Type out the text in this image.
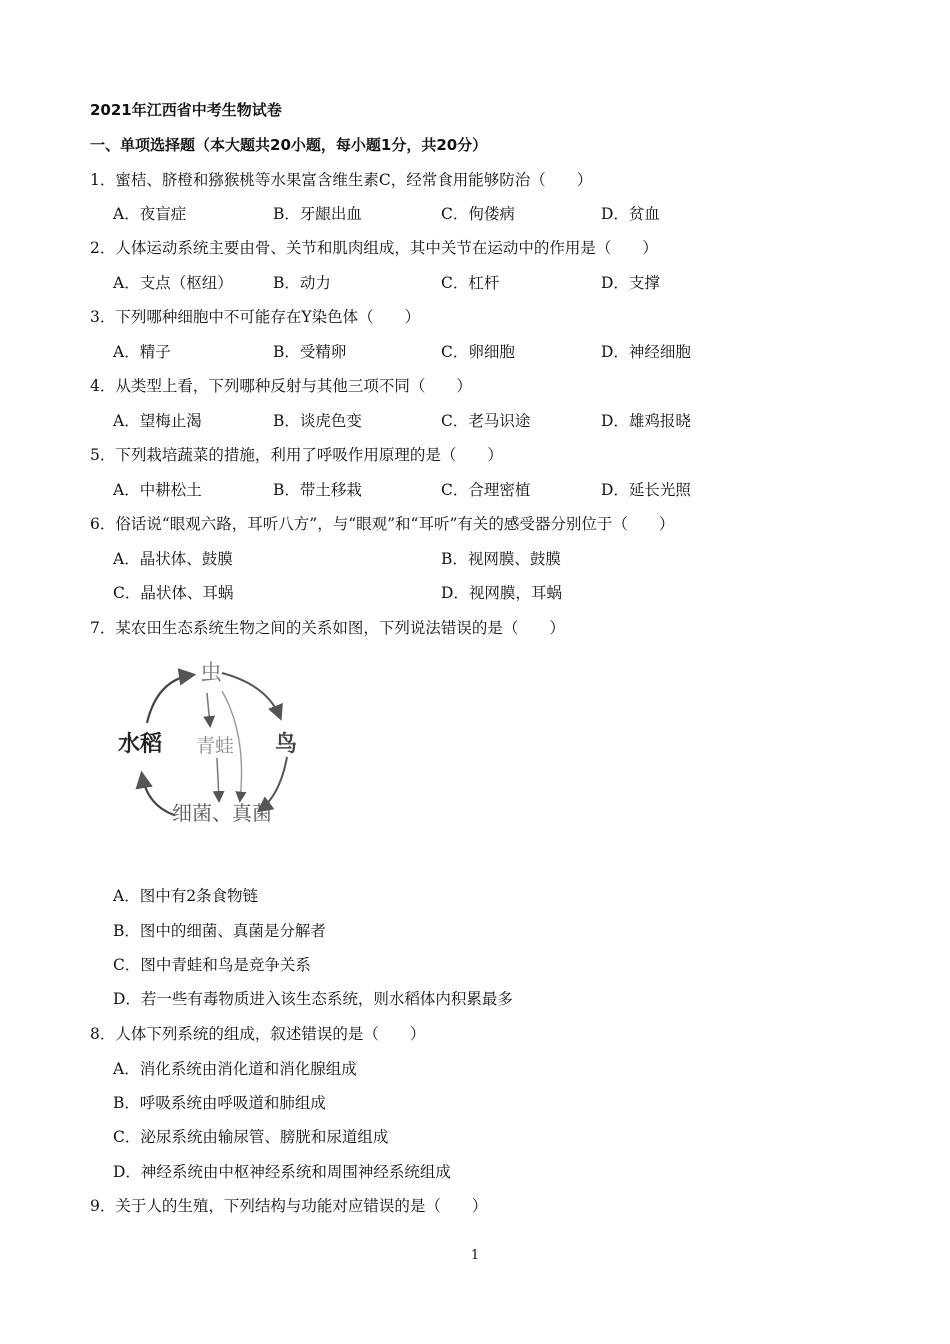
2021年江西省中考生物试卷
一、单项选择题（本大题共20小题，每小题1分，共20分）
1．蜜桔、脐橙和猕猴桃等水果富含维生素C，经常食用能够防治（　　）
A．夜盲症	B．牙龈出血	C．佝偻病	D．贫血
2．人体运动系统主要由骨、关节和肌肉组成，其中关节在运动中的作用是（　　）
A．支点（枢纽）	B．动力	C．杠杆	D．支撑
3．下列哪种细胞中不可能存在Y染色体（　　）
A．精子	B．受精卵	C．卵细胞	D．神经细胞
4．从类型上看，下列哪种反射与其他三项不同（　　）
A．望梅止渴	B．谈虎色变	C．老马识途	D．雄鸡报晓
5．下列栽培蔬菜的措施，利用了呼吸作用原理的是（　　）
A．中耕松土	B．带土移栽	C．合理密植	D．延长光照
6．俗话说“眼观六路，耳听八方”，与“眼观”和“耳听”有关的感受器分别位于（　　）
A．晶状体、鼓膜	B．视网膜、鼓膜
C．晶状体、耳蜗	D．视网膜，耳蜗
7．某农田生态系统生物之间的关系如图，下列说法错误的是（　　）
虫
水稻 青蛙 鸟
细菌、真菌
A．图中有2条食物链
B．图中的细菌、真菌是分解者
C．图中青蛙和鸟是竞争关系
D．若一些有毒物质进入该生态系统，则水稻体内积累最多
8．人体下列系统的组成，叙述错误的是（　　）
A．消化系统由消化道和消化腺组成
B．呼吸系统由呼吸道和肺组成
C．泌尿系统由输尿管、膀胱和尿道组成
D．神经系统由中枢神经系统和周围神经系统组成
9．关于人的生殖，下列结构与功能对应错误的是（　　）
1
